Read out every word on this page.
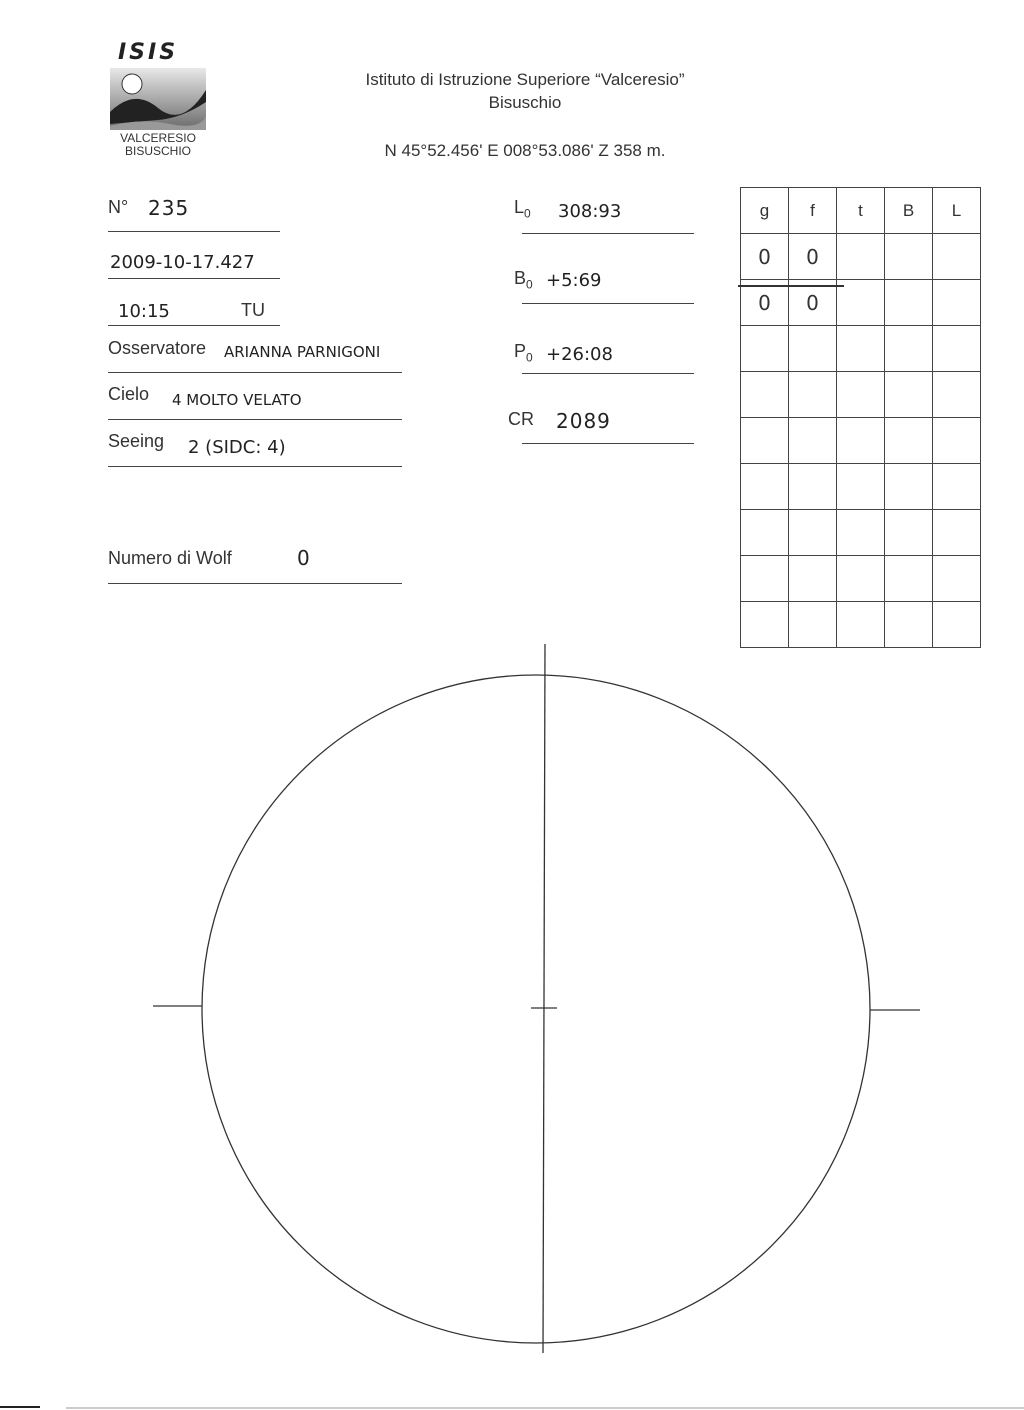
ISIS
VALCERESIO
BISUSCHIO
Istituto di Istruzione Superiore “Valceresio”
Bisuschio
N 45°52.456' E 008°53.086' Z 358 m.
N° 235
2009-10-17.427
10:15	TU
Osservatore ARIANNA PARNIGONI
Cielo 4 MOLTO VELATO
Seeing 2 (SIDC: 4)
Numero di Wolf	0
$L_0$ 308:93
$B_0$ +5:69
$P_0$ +26:08
CR 2089
g	f	t	B	L
0	0			
0	0			
